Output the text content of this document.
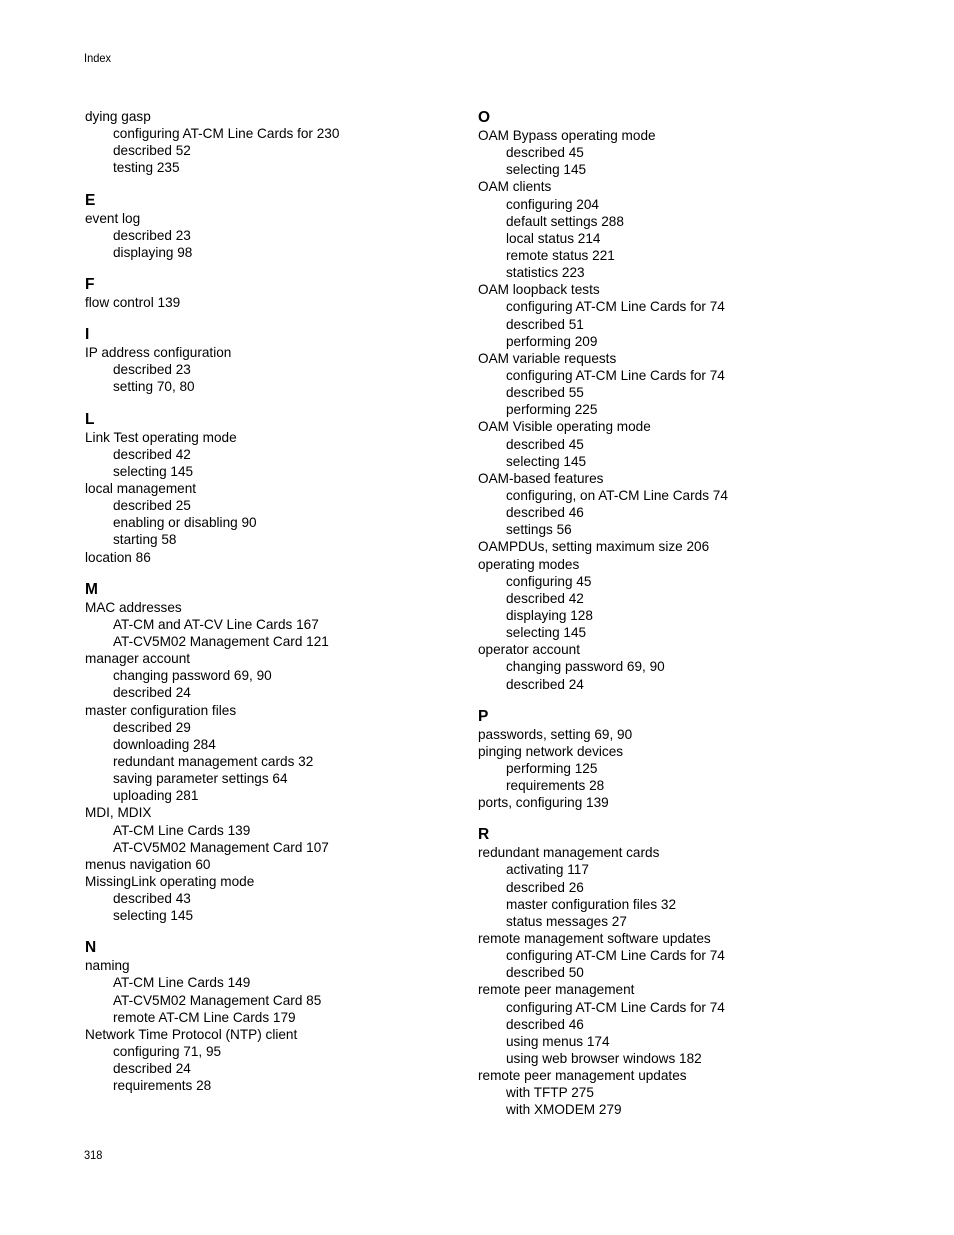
Index
dying gasp
configuring AT-CM Line Cards for 230
described 52
testing 235
E
event log
described 23
displaying 98
F
flow control 139
I
IP address configuration
described 23
setting 70, 80
L
Link Test operating mode
described 42
selecting 145
local management
described 25
enabling or disabling 90
starting 58
location 86
M
MAC addresses
AT-CM and AT-CV Line Cards 167
AT-CV5M02 Management Card 121
manager account
changing password 69, 90
described 24
master configuration files
described 29
downloading 284
redundant management cards 32
saving parameter settings 64
uploading 281
MDI, MDIX
AT-CM Line Cards 139
AT-CV5M02 Management Card 107
menus navigation 60
MissingLink operating mode
described 43
selecting 145
N
naming
AT-CM Line Cards 149
AT-CV5M02 Management Card 85
remote AT-CM Line Cards 179
Network Time Protocol (NTP) client
configuring 71, 95
described 24
requirements 28
O
OAM Bypass operating mode
described 45
selecting 145
OAM clients
configuring 204
default settings 288
local status 214
remote status 221
statistics 223
OAM loopback tests
configuring AT-CM Line Cards for 74
described 51
performing 209
OAM variable requests
configuring AT-CM Line Cards for 74
described 55
performing 225
OAM Visible operating mode
described 45
selecting 145
OAM-based features
configuring, on AT-CM Line Cards 74
described 46
settings 56
OAMPDUs, setting maximum size 206
operating modes
configuring 45
described 42
displaying 128
selecting 145
operator account
changing password 69, 90
described 24
P
passwords, setting 69, 90
pinging network devices
performing 125
requirements 28
ports, configuring 139
R
redundant management cards
activating 117
described 26
master configuration files 32
status messages 27
remote management software updates
configuring AT-CM Line Cards for 74
described 50
remote peer management
configuring AT-CM Line Cards for 74
described 46
using menus 174
using web browser windows 182
remote peer management updates
with TFTP 275
with XMODEM 279
318
